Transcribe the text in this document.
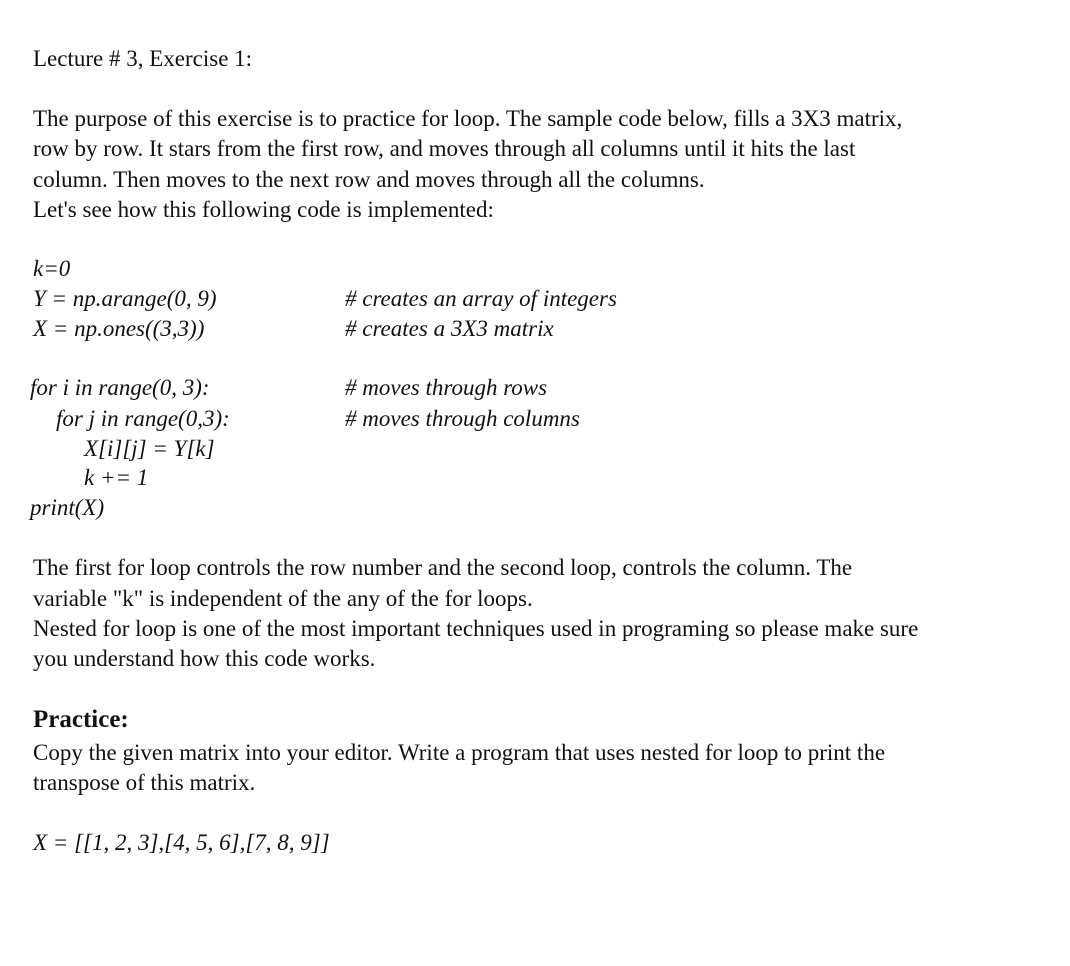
Lecture # 3, Exercise 1:
The purpose of this exercise is to practice for loop. The sample code below, fills a 3X3 matrix,
row by row. It stars from the first row, and moves through all columns until it hits the last
column. Then moves to the next row and moves through all the columns.
Let's see how this following code is implemented:
k=0
Y = np.arange(0, 9)
X = np.ones((3,3))
# creates an array of integers
# creates a 3X3 matrix
for i in range(0, 3):
for j in range(0,3):
X[i][j] = Y[k]
k += 1
print(X)
# moves through rows
# moves through columns
The first for loop controls the row number and the second loop, controls the column. The
variable "k" is independent of the any of the for loops.
Nested for loop is one of the most important techniques used in programing so please make sure
you understand how this code works.
Practice:
Copy the given matrix into your editor. Write a program that uses nested for loop to print the
transpose of this matrix.
X = [[1, 2, 3],[4, 5, 6],[7, 8, 9]]
